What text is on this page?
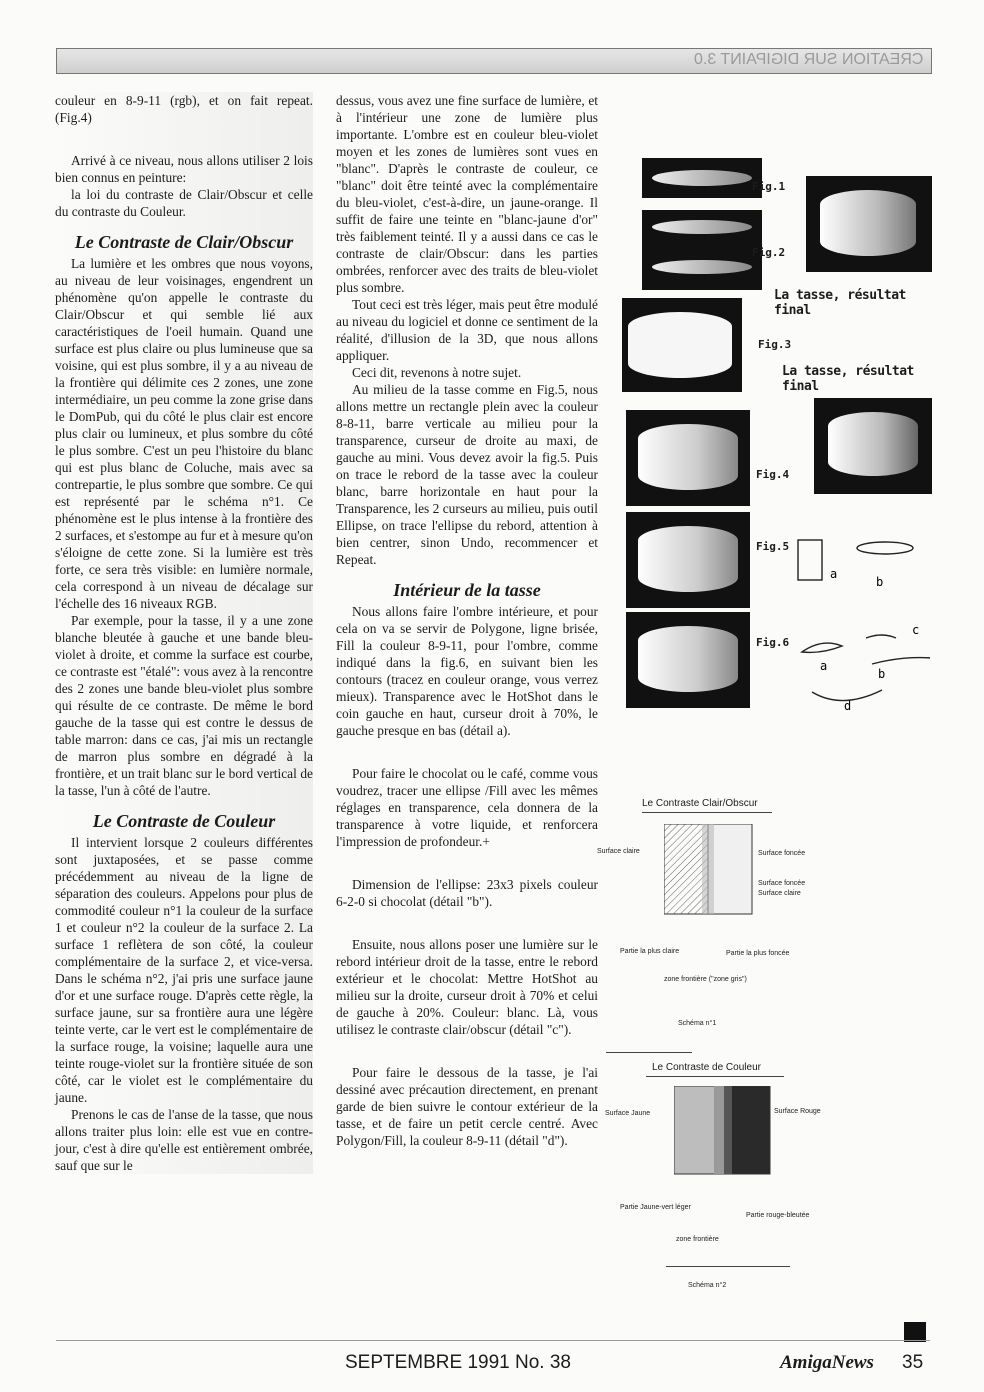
CREATION SUR DIGIPAINT 3.0

couleur en 8-9-11 (rgb), et on fait repeat. (Fig.4)

Arrivé à ce niveau, nous allons utiliser 2 lois bien connus en peinture:

la loi du contraste de Clair/Obscur et celle du contraste du Couleur.

Le Contraste de Clair/Obscur

La lumière et les ombres que nous voyons, au niveau de leur voisinages, engendrent un phénomène qu'on appelle le contraste du Clair/Obscur et qui semble lié aux caractéristiques de l'oeil humain. Quand une surface est plus claire ou plus lumineuse que sa voisine, qui est plus sombre, il y a au niveau de la frontière qui délimite ces 2 zones, une zone intermédiaire, un peu comme la zone grise dans le DomPub, qui du côté le plus clair est encore plus clair ou lumineux, et plus sombre du côté le plus sombre. C'est un peu l'histoire du blanc qui est plus blanc de Coluche, mais avec sa contrepartie, le plus sombre que sombre. Ce qui est représenté par le schéma n°1. Ce phénomène est le plus intense à la frontière des 2 surfaces, et s'estompe au fur et à mesure qu'on s'éloigne de cette zone. Si la lumière est très forte, ce sera très visible: en lumière normale, cela correspond à un niveau de décalage sur l'échelle des 16 niveaux RGB.

Par exemple, pour la tasse, il y a une zone blanche bleutée à gauche et une bande bleu-violet à droite, et comme la surface est courbe, ce contraste est "étalé": vous avez à la rencontre des 2 zones une bande bleu-violet plus sombre qui résulte de ce contraste. De même le bord gauche de la tasse qui est contre le dessus de table marron: dans ce cas, j'ai mis un rectangle de marron plus sombre en dégradé à la frontière, et un trait blanc sur le bord vertical de la tasse, l'un à côté de l'autre.

Le Contraste de Couleur

Il intervient lorsque 2 couleurs différentes sont juxtaposées, et se passe comme précédemment au niveau de la ligne de séparation des couleurs. Appelons pour plus de commodité couleur n°1 la couleur de la surface 1 et couleur n°2 la couleur de la surface 2. La surface 1 reflètera de son côté, la couleur complémentaire de la surface 2, et vice-versa. Dans le schéma n°2, j'ai pris une surface jaune d'or et une surface rouge. D'après cette règle, la surface jaune, sur sa frontière aura une légère teinte verte, car le vert est le complémentaire de la surface rouge, la voisine; laquelle aura une teinte rouge-violet sur la frontière située de son côté, car le violet est le complémentaire du jaune.

Prenons le cas de l'anse de la tasse, que nous allons traiter plus loin: elle est vue en contre-jour, c'est à dire qu'elle est entièrement ombrée, sauf que sur le

dessus, vous avez une fine surface de lumière, et à l'intérieur une zone de lumière plus importante. L'ombre est en couleur bleu-violet moyen et les zones de lumières sont vues en "blanc". D'après le contraste de couleur, ce "blanc" doit être teinté avec la complémentaire du bleu-violet, c'est-à-dire, un jaune-orange. Il suffit de faire une teinte en "blanc-jaune d'or" très faiblement teinté. Il y a aussi dans ce cas le contraste de clair/Obscur: dans les parties ombrées, renforcer avec des traits de bleu-violet plus sombre.

Tout ceci est très léger, mais peut être modulé au niveau du logiciel et donne ce sentiment de la réalité, d'illusion de la 3D, que nous allons appliquer.

Ceci dit, revenons à notre sujet.

Au milieu de la tasse comme en Fig.5, nous allons mettre un rectangle plein avec la couleur 8-8-11, barre verticale au milieu pour la transparence, curseur de droite au maxi, de gauche au mini. Vous devez avoir la fig.5. Puis on trace le rebord de la tasse avec la couleur blanc, barre horizontale en haut pour la Transparence, les 2 curseurs au milieu, puis outil Ellipse, on trace l'ellipse du rebord, attention à bien centrer, sinon Undo, recommencer et Repeat.

Intérieur de la tasse

Nous allons faire l'ombre intérieure, et pour cela on va se servir de Polygone, ligne brisée, Fill la couleur 8-9-11, pour l'ombre, comme indiqué dans la fig.6, en suivant bien les contours (tracez en couleur orange, vous verrez mieux). Transparence avec le HotShot dans le coin gauche en haut, curseur droit à 70%, le gauche presque en bas (détail a).

Pour faire le chocolat ou le café, comme vous voudrez, tracer une ellipse /Fill avec les mêmes réglages en transparence, cela donnera de la transparence à votre liquide, et renforcera l'impression de profondeur.+

Dimension de l'ellipse: 23x3 pixels couleur 6-2-0 si chocolat (détail "b").

Ensuite, nous allons poser une lumière sur le rebord intérieur droit de la tasse, entre le rebord extérieur et le chocolat: Mettre HotShot au milieu sur la droite, curseur droit à 70% et celui de gauche à 20%. Couleur: blanc. Là, vous utilisez le contraste clair/obscur (détail "c").

Pour faire le dessous de la tasse, je l'ai dessiné avec précaution directement, en prenant garde de bien suivre le contour extérieur de la tasse, et de faire un petit cercle centré. Avec Polygon/Fill, la couleur 8-9-11 (détail "d").

Fig.1
Fig.2
Fig.3
La tasse, résultat final
La tasse, résultat final
Fig.4
Fig.5
Fig.6
a
b
a
b
c
d
Le Contraste Clair/Obscur
Surface claire	Surface foncée
Surface foncée
Surface claire
Partie la plus claire	Partie la plus foncée
zone frontière ("zone gris")
Schéma n°1
Le Contraste de Couleur
Surface Jaune	Surface Rouge
Partie Jaune-vert léger
Partie rouge-bleutée
zone frontière
Schéma n°2
SEPTEMBRE 1991 No. 38	AmigaNews 35
